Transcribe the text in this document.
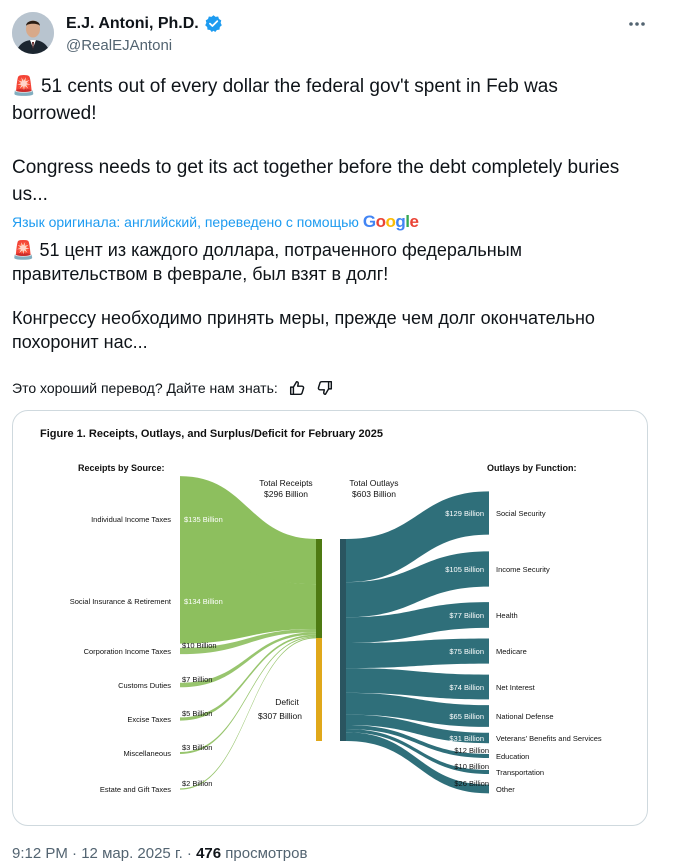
E.J. Antoni, Ph.D.
@RealEJAntoni
🚨 51 cents out of every dollar the federal gov't spent in Feb was
borrowed!
Congress needs to get its act together before the debt completely buries
us...
Язык оригинала: английский, переведено с помощью Google
🚨 51 цент из каждого доллара, потраченного федеральным
правительством в феврале, был взят в долг!
Конгрессу необходимо принять меры, прежде чем долг окончательно
похоронит нас...
Это хороший перевод? Дайте нам знать:
Figure 1. Receipts, Outlays, and Surplus/Deficit for February 2025
Receipts by Source:	Outlays by Function:
Total Receipts
$296 Billion
Total Outlays
$603 Billion
Deficit
$307 Billion
Individual Income Taxes $135 Billion
Social Insurance & Retirement $134 Billion
Corporation Income Taxes
$10 Billion
Customs Duties
$7 Billion
Excise Taxes
$5 Billion
Miscellaneous
$3 Billion
Estate and Gift Taxes
$2 Billion
$129 Billion Social Security
$105 Billion Income Security
$77 Billion Health
$75 Billion Medicare
$74 Billion Net Interest
$65 Billion National Defense
$31 Billion Veterans' Benefits and Services
$12 Billion
Education
$10 Billion
Transportation
$26 Billion
Other
9:12 PM · 12 мар. 2025 г. · 476 просмотров
